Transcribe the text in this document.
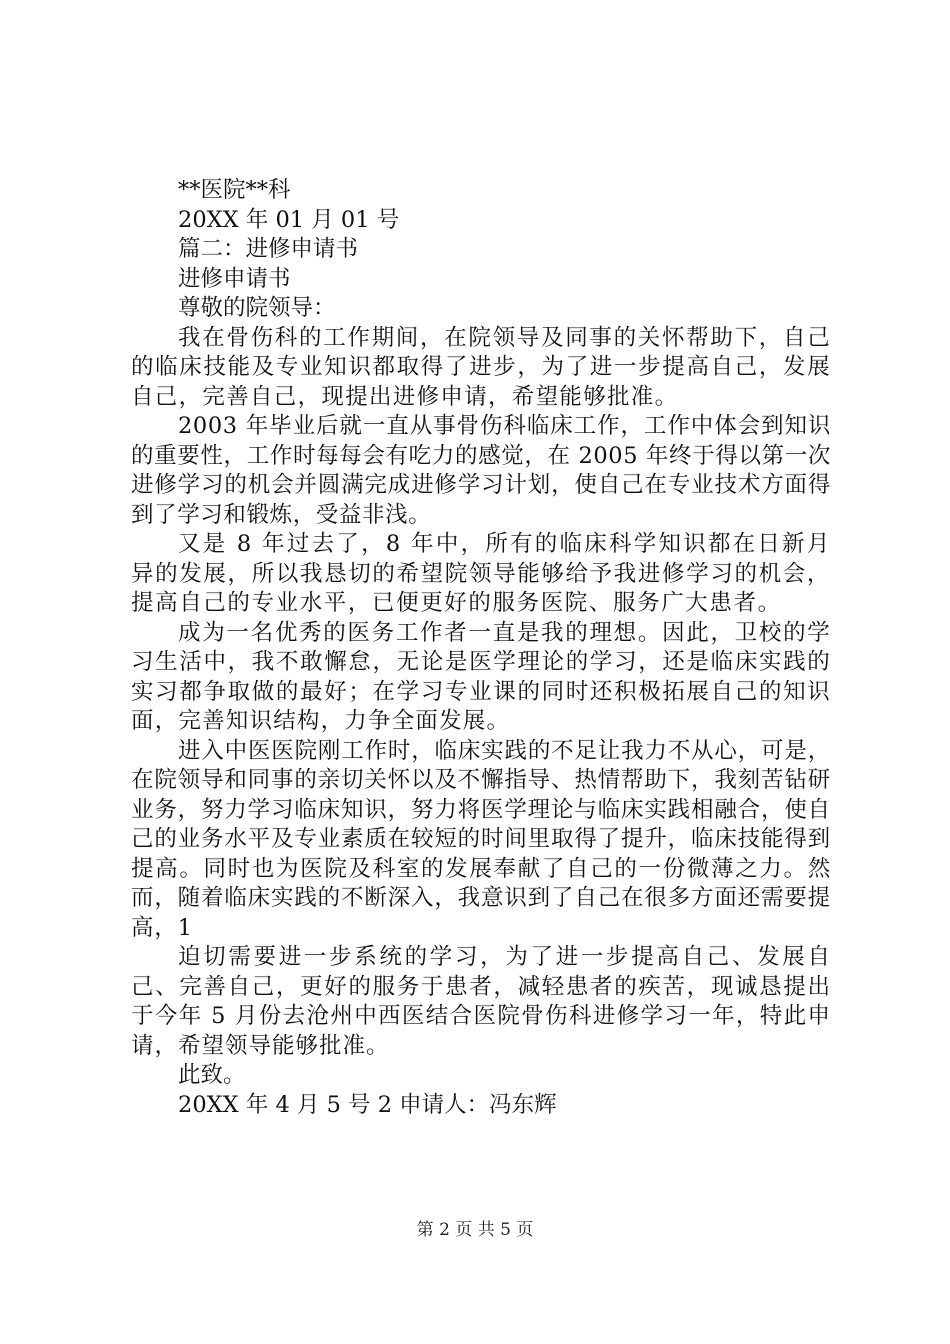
**医院**科
20XX 年 01 月 01 号
篇二：进修申请书
进修申请书
尊敬的院领导：

我在骨伤科的工作期间，在院领导及同事的关怀帮助下，自己的临床技能及专业知识都取得了进步，为了进一步提高自己，发展自己，完善自己，现提出进修申请，希望能够批准。

2003 年毕业后就一直从事骨伤科临床工作，工作中体会到知识的重要性，工作时每每会有吃力的感觉，在 2005 年终于得以第一次进修学习的机会并圆满完成进修学习计划，使自己在专业技术方面得到了学习和锻炼，受益非浅。

又是 8 年过去了，8 年中，所有的临床科学知识都在日新月异的发展，所以我恳切的希望院领导能够给予我进修学习的机会，提高自己的专业水平，已便更好的服务医院、服务广大患者。

成为一名优秀的医务工作者一直是我的理想。因此，卫校的学习生活中，我不敢懈怠，无论是医学理论的学习，还是临床实践的实习都争取做的最好；在学习专业课的同时还积极拓展自己的知识面，完善知识结构，力争全面发展。

进入中医医院刚工作时，临床实践的不足让我力不从心，可是，在院领导和同事的亲切关怀以及不懈指导、热情帮助下，我刻苦钻研业务，努力学习临床知识，努力将医学理论与临床实践相融合，使自己的业务水平及专业素质在较短的时间里取得了提升，临床技能得到提高。同时也为医院及科室的发展奉献了自己的一份微薄之力。然而，随着临床实践的不断深入，我意识到了自己在很多方面还需要提高，1

迫切需要进一步系统的学习，为了进一步提高自己、发展自己、完善自己，更好的服务于患者，减轻患者的疾苦，现诚恳提出于今年 5 月份去沧州中西医结合医院骨伤科进修学习一年，特此申请，希望领导能够批准。

此致。
20XX 年 4 月 5 号 2 申请人：冯东辉
第 2 页 共 5 页
